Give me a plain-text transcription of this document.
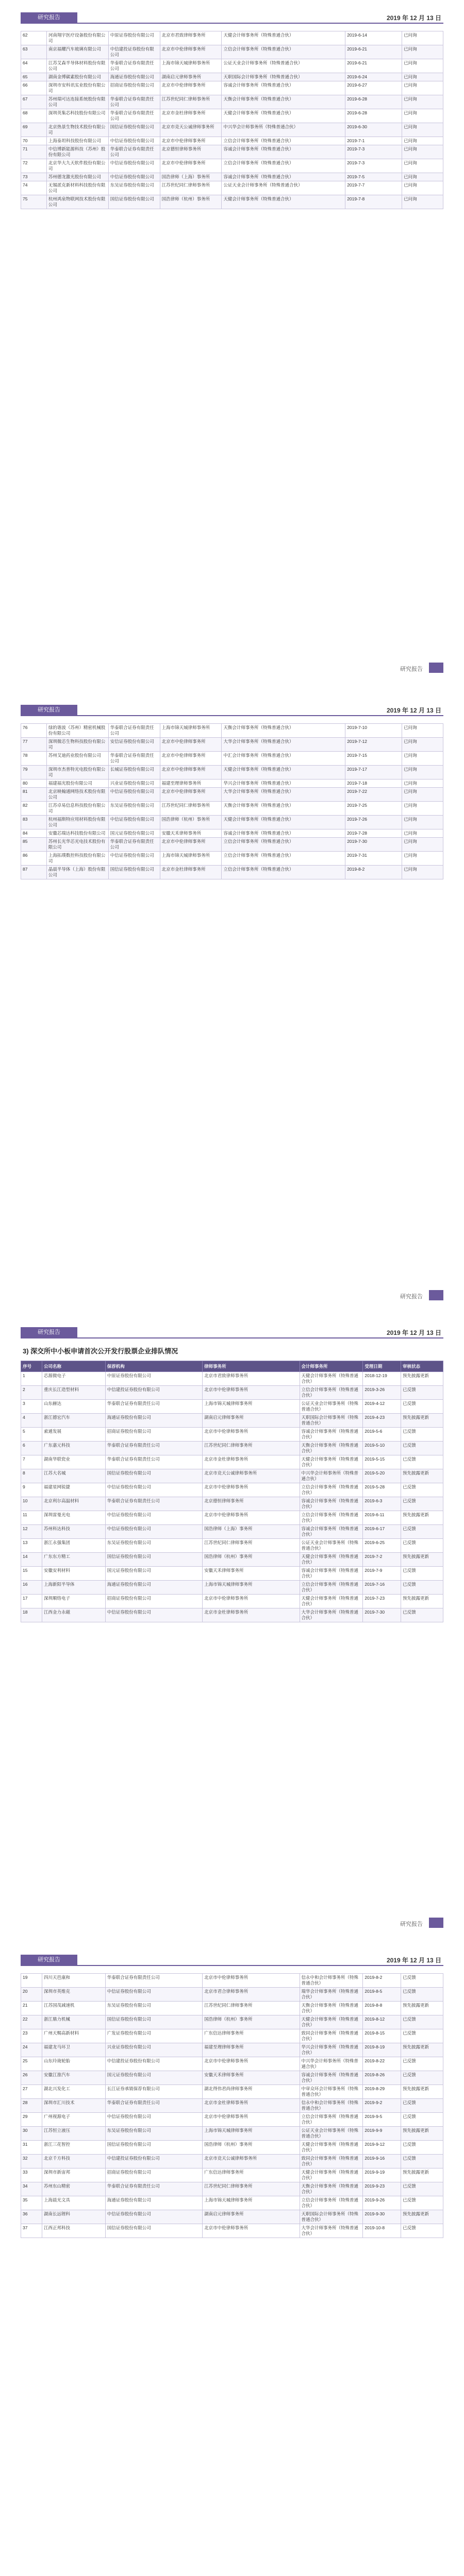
研究报告	2019 年 12 月 13 日
62	河南翔宇医疗设备股份有限公司	中原证券股份有限公司	北京市君致律师事务所	天健会计师事务所（特殊普通合伙）	2019-6-14	已问询
63	南京福耀汽车玻璃有限公司	中信建投证券股份有限公司	北京市中伦律师事务所	立信会计师事务所（特殊普通合伙）	2019-6-21	已问询
64	江苏艾森半导体材料股份有限公司	华泰联合证券有限责任公司	上海市锦天城律师事务所	公证天业会计师事务所（特殊普通合伙）	2019-6-21	已问询
65	湖南金博碳素股份有限公司	海通证券股份有限公司	湖南启元律师事务所	天职国际会计师事务所（特殊普通合伙）	2019-6-24	已问询
66	深圳市安科讯实业股份有限公司	招商证券股份有限公司	北京市中伦律师事务所	容诚会计师事务所（特殊普通合伙）	2019-6-27	已问询
67	苏州瑞可达连接系统股份有限公司	华泰联合证券有限责任公司	江苏世纪同仁律师事务所	天衡会计师事务所（特殊普通合伙）	2019-6-28	已问询
68	深圳英集芯科技股份有限公司	华泰联合证券有限责任公司	北京市金杜律师事务所	天健会计师事务所（特殊普通合伙）	2019-6-28	已问询
69	北京热景生物技术股份有限公司	国信证券股份有限公司	北京市竞天公诚律师事务所	中兴华会计师事务所（特殊普通合伙）	2019-6-30	已问询
70	上海泰坦科技股份有限公司	中信证券股份有限公司	北京市中伦律师事务所	立信会计师事务所（特殊普通合伙）	2019-7-1	已问询
71	中信博新能源科技（苏州）股份有限公司	华泰联合证券有限责任公司	北京德恒律师事务所	容诚会计师事务所（特殊普通合伙）	2019-7-3	已问询
72	北京华大九天软件股份有限公司	中信证券股份有限公司	北京市中伦律师事务所	立信会计师事务所（特殊普通合伙）	2019-7-3	已问询
73	苏州德龙激光股份有限公司	中信证券股份有限公司	国浩律师（上海）事务所	容诚会计师事务所（特殊普通合伙）	2019-7-5	已问询
74	无锡派克新材料科技股份有限公司	东吴证券股份有限公司	江苏世纪同仁律师事务所	公证天业会计师事务所（特殊普通合伙）	2019-7-7	已问询
75	杭州鸿泉物联网技术股份有限公司	国信证券股份有限公司	国浩律师（杭州）事务所	天健会计师事务所（特殊普通合伙）	2019-7-8	已问询
研究报告
研究报告	2019 年 12 月 13 日
76	绿的谐波（苏州）精密机械股份有限公司	华泰联合证券有限责任公司	上海市锦天城律师事务所	天衡会计师事务所（特殊普通合伙）	2019-7-10	已问询
77	深圳微芯生物科技股份有限公司	安信证券股份有限公司	北京市中伦律师事务所	大华会计师事务所（特殊普通合伙）	2019-7-12	已问询
78	苏州艾迪药业股份有限公司	华泰联合证券有限责任公司	北京市中伦律师事务所	中汇会计师事务所（特殊普通合伙）	2019-7-15	已问询
79	深圳市杰普特光电股份有限公司	长城证券股份有限公司	北京市中伦律师事务所	天健会计师事务所（特殊普通合伙）	2019-7-17	已问询
80	福建福光股份有限公司	兴业证券股份有限公司	福建至理律师事务所	华兴会计师事务所（特殊普通合伙）	2019-7-18	已问询
81	北京映翰通网络技术股份有限公司	中信证券股份有限公司	北京市中伦律师事务所	大华会计师事务所（特殊普通合伙）	2019-7-22	已问询
82	江苏卓易信息科技股份有限公司	东吴证券股份有限公司	江苏世纪同仁律师事务所	天衡会计师事务所（特殊普通合伙）	2019-7-25	已问询
83	杭州福斯特应用材料股份有限公司	中信证券股份有限公司	国浩律师（杭州）事务所	天健会计师事务所（特殊普通合伙）	2019-7-26	已问询
84	安徽芯瑞达科技股份有限公司	国元证券股份有限公司	安徽天禾律师事务所	容诚会计师事务所（特殊普通合伙）	2019-7-28	已问询
85	苏州长光华芯光电技术股份有限公司	华泰联合证券有限责任公司	北京市中伦律师事务所	立信会计师事务所（特殊普通合伙）	2019-7-30	已问询
86	上海拓璞数控科技股份有限公司	中信证券股份有限公司	上海市锦天城律师事务所	立信会计师事务所（特殊普通合伙）	2019-7-31	已问询
87	晶晨半导体（上海）股份有限公司	国信证券股份有限公司	北京市金杜律师事务所	立信会计师事务所（特殊普通合伙）	2019-8-2	已问询
研究报告
研究报告	2019 年 12 月 13 日
3) 深交所中小板申请首次公开发行股票企业排队情况
序号	公司名称	保荐机构	律师事务所	会计师事务所	受理日期	审核状态
1	芯源微电子	中原证券股份有限公司	北京市君致律师事务所	天健会计师事务所（特殊普通合伙）	2018-12-19	预先披露更新
2	重庆长江造型材料	中信建投证券股份有限公司	北京市中伦律师事务所	立信会计师事务所（特殊普通合伙）	2019-3-26	已反馈
3	山东赫达	华泰联合证券有限责任公司	上海市锦天城律师事务所	公证天业会计师事务所（特殊普通合伙）	2019-4-12	已反馈
4	浙江德宏汽车	海通证券股份有限公司	湖南启元律师事务所	天职国际会计师事务所（特殊普通合伙）	2019-4-23	预先披露更新
5	索通发展	招商证券股份有限公司	北京市中伦律师事务所	容诚会计师事务所（特殊普通合伙）	2019-5-6	已反馈
6	广东嘉元科技	华泰联合证券有限责任公司	江苏世纪同仁律师事务所	天衡会计师事务所（特殊普通合伙）	2019-5-10	已反馈
7	湖南华联瓷业	华泰联合证券有限责任公司	北京市金杜律师事务所	天健会计师事务所（特殊普通合伙）	2019-5-15	已反馈
8	江苏大名城	国信证券股份有限公司	北京市竞天公诚律师事务所	中兴华会计师事务所（特殊普通合伙）	2019-5-20	预先披露更新
9	福建星网锐捷	中信证券股份有限公司	北京市中伦律师事务所	立信会计师事务所（特殊普通合伙）	2019-5-28	已反馈
10	北京利尔高温材料	华泰联合证券有限责任公司	北京德恒律师事务所	容诚会计师事务所（特殊普通合伙）	2019-6-3	已反馈
11	深圳雷曼光电	中信证券股份有限公司	北京市中伦律师事务所	立信会计师事务所（特殊普通合伙）	2019-6-11	预先披露更新
12	苏州科达科技	中信证券股份有限公司	国浩律师（上海）事务所	容诚会计师事务所（特殊普通合伙）	2019-6-17	已反馈
13	浙江永强集团	东吴证券股份有限公司	江苏世纪同仁律师事务所	公证天业会计师事务所（特殊普通合伙）	2019-6-25	已反馈
14	广东东方精工	国信证券股份有限公司	国浩律师（杭州）事务所	天健会计师事务所（特殊普通合伙）	2019-7-2	预先披露更新
15	安徽安利材料	国元证券股份有限公司	安徽天禾律师事务所	容诚会计师事务所（特殊普通合伙）	2019-7-9	已反馈
16	上海新阳半导体	海通证券股份有限公司	上海市锦天城律师事务所	立信会计师事务所（特殊普通合伙）	2019-7-16	已反馈
17	深圳顺络电子	招商证券股份有限公司	北京市中伦律师事务所	天健会计师事务所（特殊普通合伙）	2019-7-23	预先披露更新
18	江西金力永磁	中信证券股份有限公司	北京市金杜律师事务所	大华会计师事务所（特殊普通合伙）	2019-7-30	已反馈
研究报告
研究报告	2019 年 12 月 13 日
19	四川天邑康和	华泰联合证券有限责任公司	北京市中伦律师事务所	信永中和会计师事务所（特殊普通合伙）	2019-8-2	已反馈
20	深圳市英维克	中信证券股份有限公司	北京市君合律师事务所	瑞华会计师事务所（特殊普通合伙）	2019-8-5	已反馈
21	江苏国茂减速机	东吴证券股份有限公司	江苏世纪同仁律师事务所	天衡会计师事务所（特殊普通合伙）	2019-8-8	预先披露更新
22	浙江鼎力机械	国信证券股份有限公司	国浩律师（杭州）事务所	天健会计师事务所（特殊普通合伙）	2019-8-12	已反馈
23	广州天赐高新材料	广发证券股份有限公司	广东信达律师事务所	致同会计师事务所（特殊普通合伙）	2019-8-15	已反馈
24	福建龙马环卫	兴业证券股份有限公司	福建至理律师事务所	华兴会计师事务所（特殊普通合伙）	2019-8-19	预先披露更新
25	山东玲珑轮胎	中信建投证券股份有限公司	北京市中伦律师事务所	中兴华会计师事务所（特殊普通合伙）	2019-8-22	已反馈
26	安徽江淮汽车	国元证券股份有限公司	安徽天禾律师事务所	容诚会计师事务所（特殊普通合伙）	2019-8-26	已反馈
27	湖北兴发化工	长江证券承销保荐有限公司	湖北得伟君尚律师事务所	中审众环会计师事务所（特殊普通合伙）	2019-8-29	预先披露更新
28	深圳市汇川技术	华泰联合证券有限责任公司	北京市金杜律师事务所	信永中和会计师事务所（特殊普通合伙）	2019-9-2	已反馈
29	广州视源电子	中信证券股份有限公司	北京市中伦律师事务所	立信会计师事务所（特殊普通合伙）	2019-9-5	已反馈
30	江苏恒立液压	东吴证券股份有限公司	上海市锦天城律师事务所	公证天业会计师事务所（特殊普通合伙）	2019-9-9	预先披露更新
31	浙江三花智控	国信证券股份有限公司	国浩律师（杭州）事务所	天健会计师事务所（特殊普通合伙）	2019-9-12	已反馈
32	北京千方科技	中信建投证券股份有限公司	北京市竞天公诚律师事务所	致同会计师事务所（特殊普通合伙）	2019-9-16	已反馈
33	深圳市新宙邦	招商证券股份有限公司	广东信达律师事务所	天健会计师事务所（特殊普通合伙）	2019-9-19	预先披露更新
34	苏州东山精密	华泰联合证券有限责任公司	江苏世纪同仁律师事务所	天衡会计师事务所（特殊普通合伙）	2019-9-23	已反馈
35	上海晨光文具	海通证券股份有限公司	上海市锦天城律师事务所	立信会计师事务所（特殊普通合伙）	2019-9-26	已反馈
36	湖南长远锂科	中信证券股份有限公司	湖南启元律师事务所	天职国际会计师事务所（特殊普通合伙）	2019-9-30	预先披露更新
37	江西正邦科技	国信证券股份有限公司	北京市中伦律师事务所	大华会计师事务所（特殊普通合伙）	2019-10-8	已反馈
